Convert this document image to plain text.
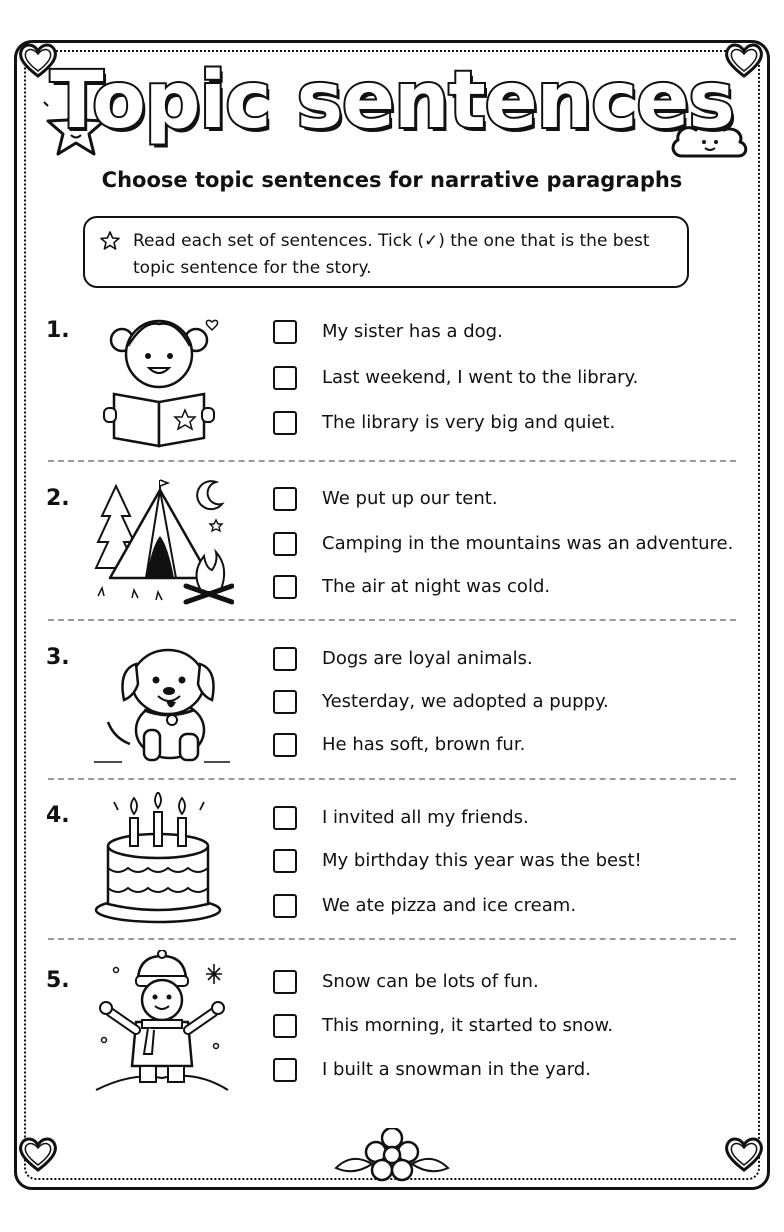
Topic sentences
Choose topic sentences for narrative paragraphs
Read each set of sentences. Tick (✓) the one that is the best topic sentence for the story.
1.	My sister has a dog.
Last weekend, I went to the library.
The library is very big and quiet.
2.	We put up our tent.
Camping in the mountains was an adventure.
The air at night was cold.
3.	Dogs are loyal animals.
Yesterday, we adopted a puppy.
He has soft, brown fur.
4.	I invited all my friends.
My birthday this year was the best!
We ate pizza and ice cream.
5.	Snow can be lots of fun.
This morning, it started to snow.
I built a snowman in the yard.
